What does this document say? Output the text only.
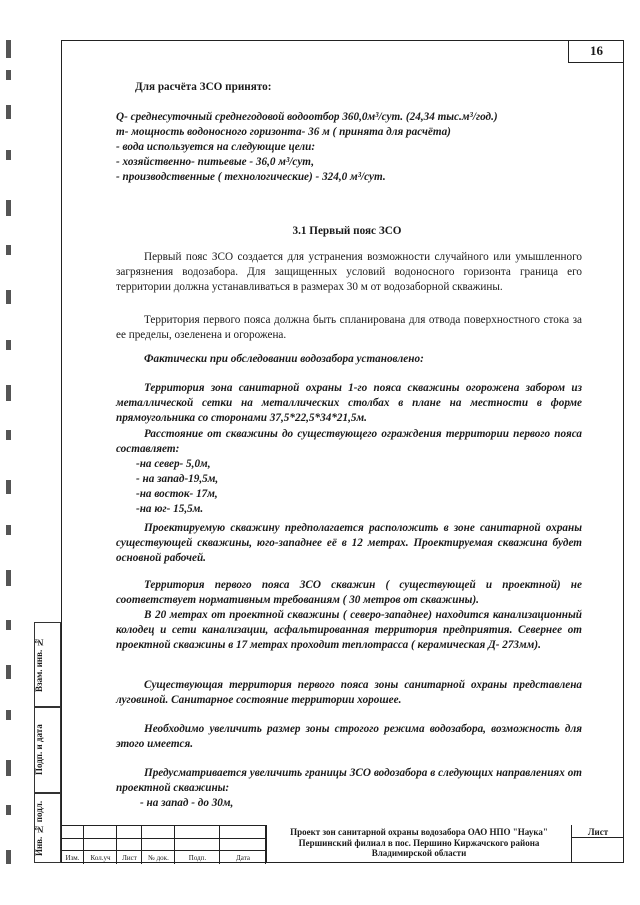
16
Взам. инв. №
Подп. и дата
Инв. № подл.

Для расчёта ЗСО принято:

Q- среднесуточный среднегодовой водоотбор 360,0м³/сут. (24,34 тыс.м³/год.)

m- мощность водоносного горизонта- 36 м ( принята для расчёта)

- вода используется на следующие цели:

- хозяйственно- питьевые - 36,0 м³/сут,

- производственные ( технологические) - 324,0 м³/сут.

3.1 Первый пояс ЗСО

Первый пояс ЗСО создается для устранения возможности случайного или умышленного загрязнения водозабора. Для защищенных условий водоносного горизонта граница его территории должна устанавливаться в размерах 30 м от водозаборной скважины.

Территория первого пояса должна быть спланирована для отвода поверхностного стока за ее пределы, озеленена и огорожена.

Фактически при обследовании водозабора установлено:

Территория зона санитарной охраны 1-го пояса скважины огорожена забором из металлической сетки на металлических столбах в плане на местности в форме прямоугольника со сторонами 37,5*22,5*34*21,5м.

Расстояние от скважины до существующего ограждения территории первого пояса составляет:

-на север- 5,0м,

- на запад-19,5м,

-на восток- 17м,

-на юг- 15,5м.

Проектируемую скважину предполагается расположить в зоне санитарной охраны существующей скважины, юго-западнее её в 12 метрах. Проектируемая скважина будет основной рабочей.

Территория первого пояса ЗСО скважин ( существующей и проектной) не соответствует нормативным требованиям ( 30 метров от скважины).

В 20 метрах от проектной скважины ( северо-западнее) находится канализационный колодец и сети канализации, асфальтированная территория предприятия. Севернее от проектной скважины в 17 метрах проходит теплотрасса ( керамическая Д- 273мм).

Существующая территория первого пояса зоны санитарной охраны представлена луговиной. Санитарное состояние территории хорошее.

Необходимо увеличить размер зоны строгого режима водозабора, возможность для этого имеется.

Предусматривается увеличить границы ЗСО водозабора в следующих направлениях от проектной скважины:

- на запад - до 30м,

Изм.	Кол.уч	Лист	№ док.	Подп.	Дата
Проект зон санитарной охраны водозабора ОАО НПО "Наука"
Першинский филиал в пос. Першино Киржачского района
Владимирской области
Лист
